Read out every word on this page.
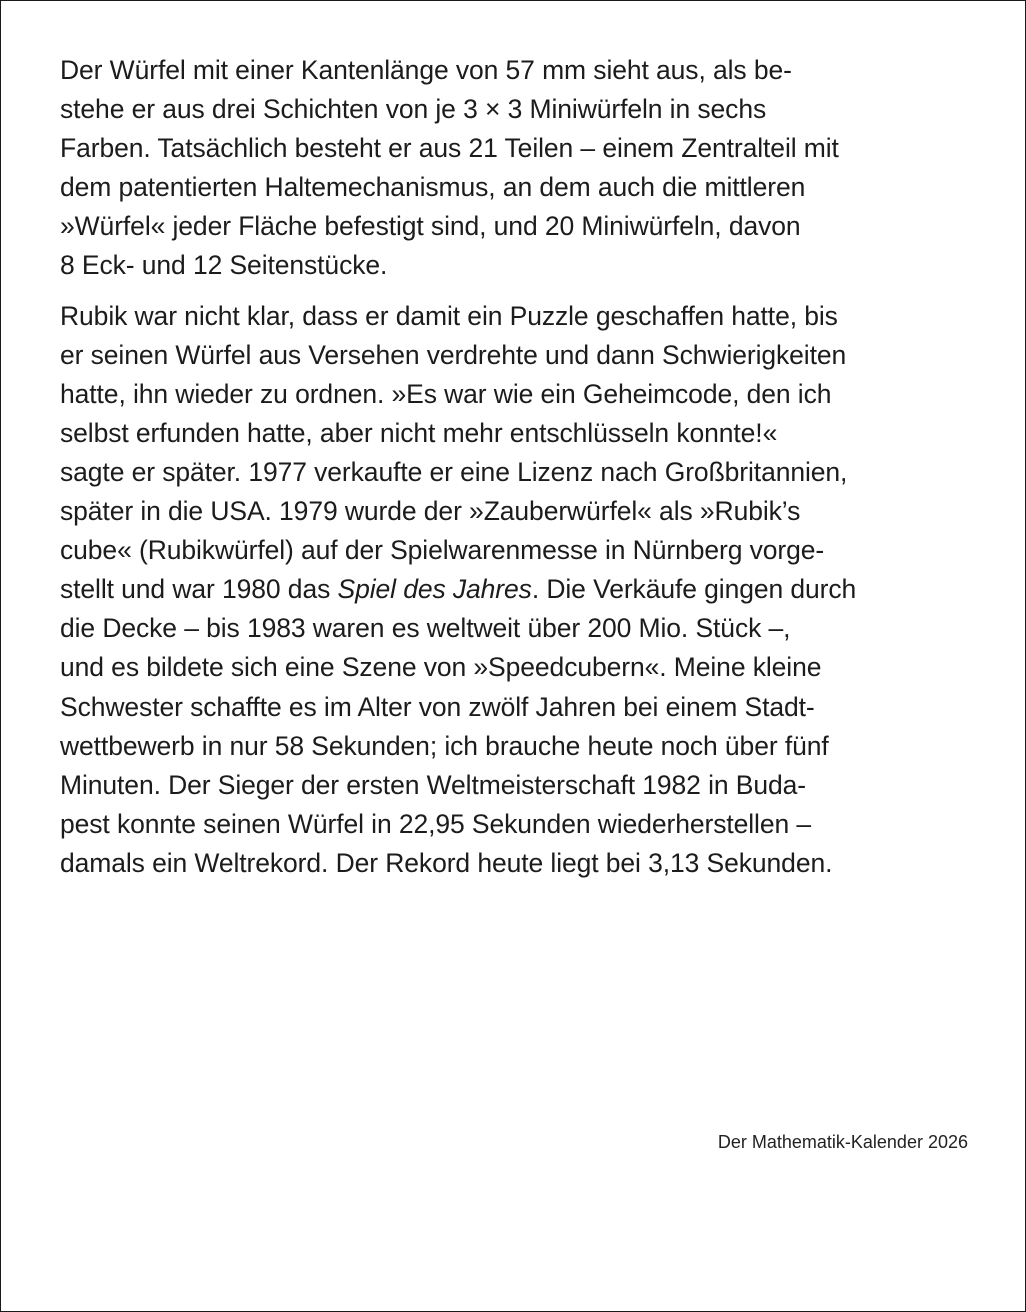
Der Würfel mit einer Kantenlänge von 57 mm sieht aus, als be-
stehe er aus drei Schichten von je 3 × 3 Miniwürfeln in sechs
Farben. Tatsächlich besteht er aus 21 Teilen – einem Zentralteil mit
dem patentierten Haltemechanismus, an dem auch die mittleren
»Würfel« jeder Fläche befestigt sind, und 20 Miniwürfeln, davon
8 Eck- und 12 Seitenstücke.

Rubik war nicht klar, dass er damit ein Puzzle geschaffen hatte, bis
er seinen Würfel aus Versehen verdrehte und dann Schwierigkeiten
hatte, ihn wieder zu ordnen. »Es war wie ein Geheimcode, den ich
selbst erfunden hatte, aber nicht mehr entschlüsseln konnte!«
sagte er später. 1977 verkaufte er eine Lizenz nach Großbritannien,
später in die USA. 1979 wurde der »Zauberwürfel« als »Rubik’s
cube« (Rubikwürfel) auf der Spielwarenmesse in Nürnberg vorge-
stellt und war 1980 das Spiel des Jahres. Die Verkäufe gingen durch
die Decke – bis 1983 waren es weltweit über 200 Mio. Stück –,
und es bildete sich eine Szene von »Speedcubern«. Meine kleine
Schwester schaffte es im Alter von zwölf Jahren bei einem Stadt-
wettbewerb in nur 58 Sekunden; ich brauche heute noch über fünf
Minuten. Der Sieger der ersten Weltmeisterschaft 1982 in Buda-
pest konnte seinen Würfel in 22,95 Sekunden wiederherstellen –
damals ein Weltrekord. Der Rekord heute liegt bei 3,13 Sekunden.

Der Mathematik-Kalender 2026
